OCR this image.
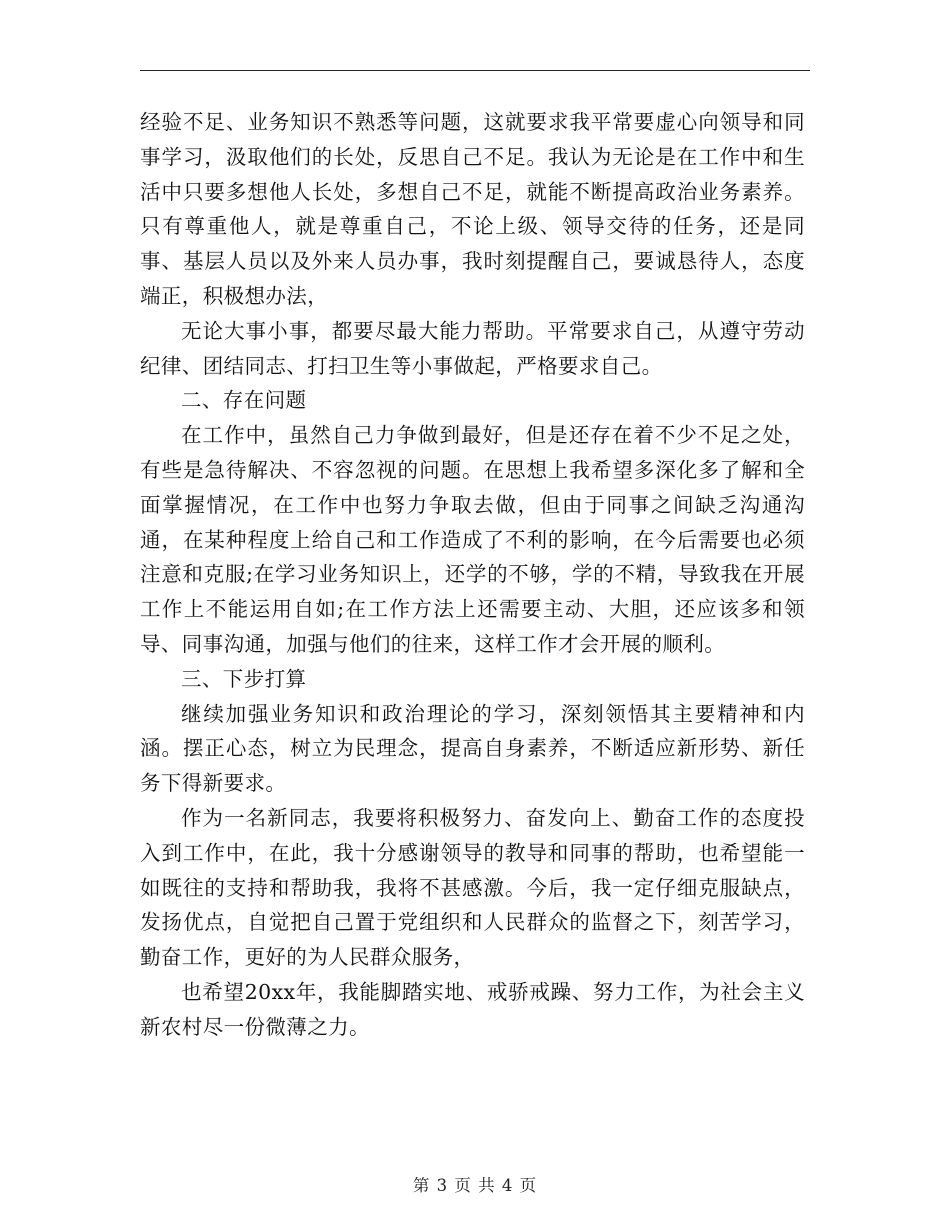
经验不足、业务知识不熟悉等问题，这就要求我平常要虚心向领导和同事学习，汲取他们的长处，反思自己不足。我认为无论是在工作中和生活中只要多想他人长处，多想自己不足，就能不断提高政治业务素养。只有尊重他人，就是尊重自己，不论上级、领导交待的任务，还是同事、基层人员以及外来人员办事，我时刻提醒自己，要诚恳待人，态度端正，积极想办法，

无论大事小事，都要尽最大能力帮助。平常要求自己，从遵守劳动纪律、团结同志、打扫卫生等小事做起，严格要求自己。

二、存在问题

在工作中，虽然自己力争做到最好，但是还存在着不少不足之处，有些是急待解决、不容忽视的问题。在思想上我希望多深化多了解和全面掌握情况，在工作中也努力争取去做，但由于同事之间缺乏沟通沟通，在某种程度上给自己和工作造成了不利的影响，在今后需要也必须注意和克服;在学习业务知识上，还学的不够，学的不精，导致我在开展工作上不能运用自如;在工作方法上还需要主动、大胆，还应该多和领导、同事沟通，加强与他们的往来，这样工作才会开展的顺利。

三、下步打算

继续加强业务知识和政治理论的学习，深刻领悟其主要精神和内涵。摆正心态，树立为民理念，提高自身素养，不断适应新形势、新任务下得新要求。

作为一名新同志，我要将积极努力、奋发向上、勤奋工作的态度投入到工作中，在此，我十分感谢领导的教导和同事的帮助，也希望能一如既往的支持和帮助我，我将不甚感激。今后，我一定仔细克服缺点，发扬优点，自觉把自己置于党组织和人民群众的监督之下，刻苦学习，勤奋工作，更好的为人民群众服务，

也希望20xx年，我能脚踏实地、戒骄戒躁、努力工作，为社会主义新农村尽一份微薄之力。

第 3 页 共 4 页
